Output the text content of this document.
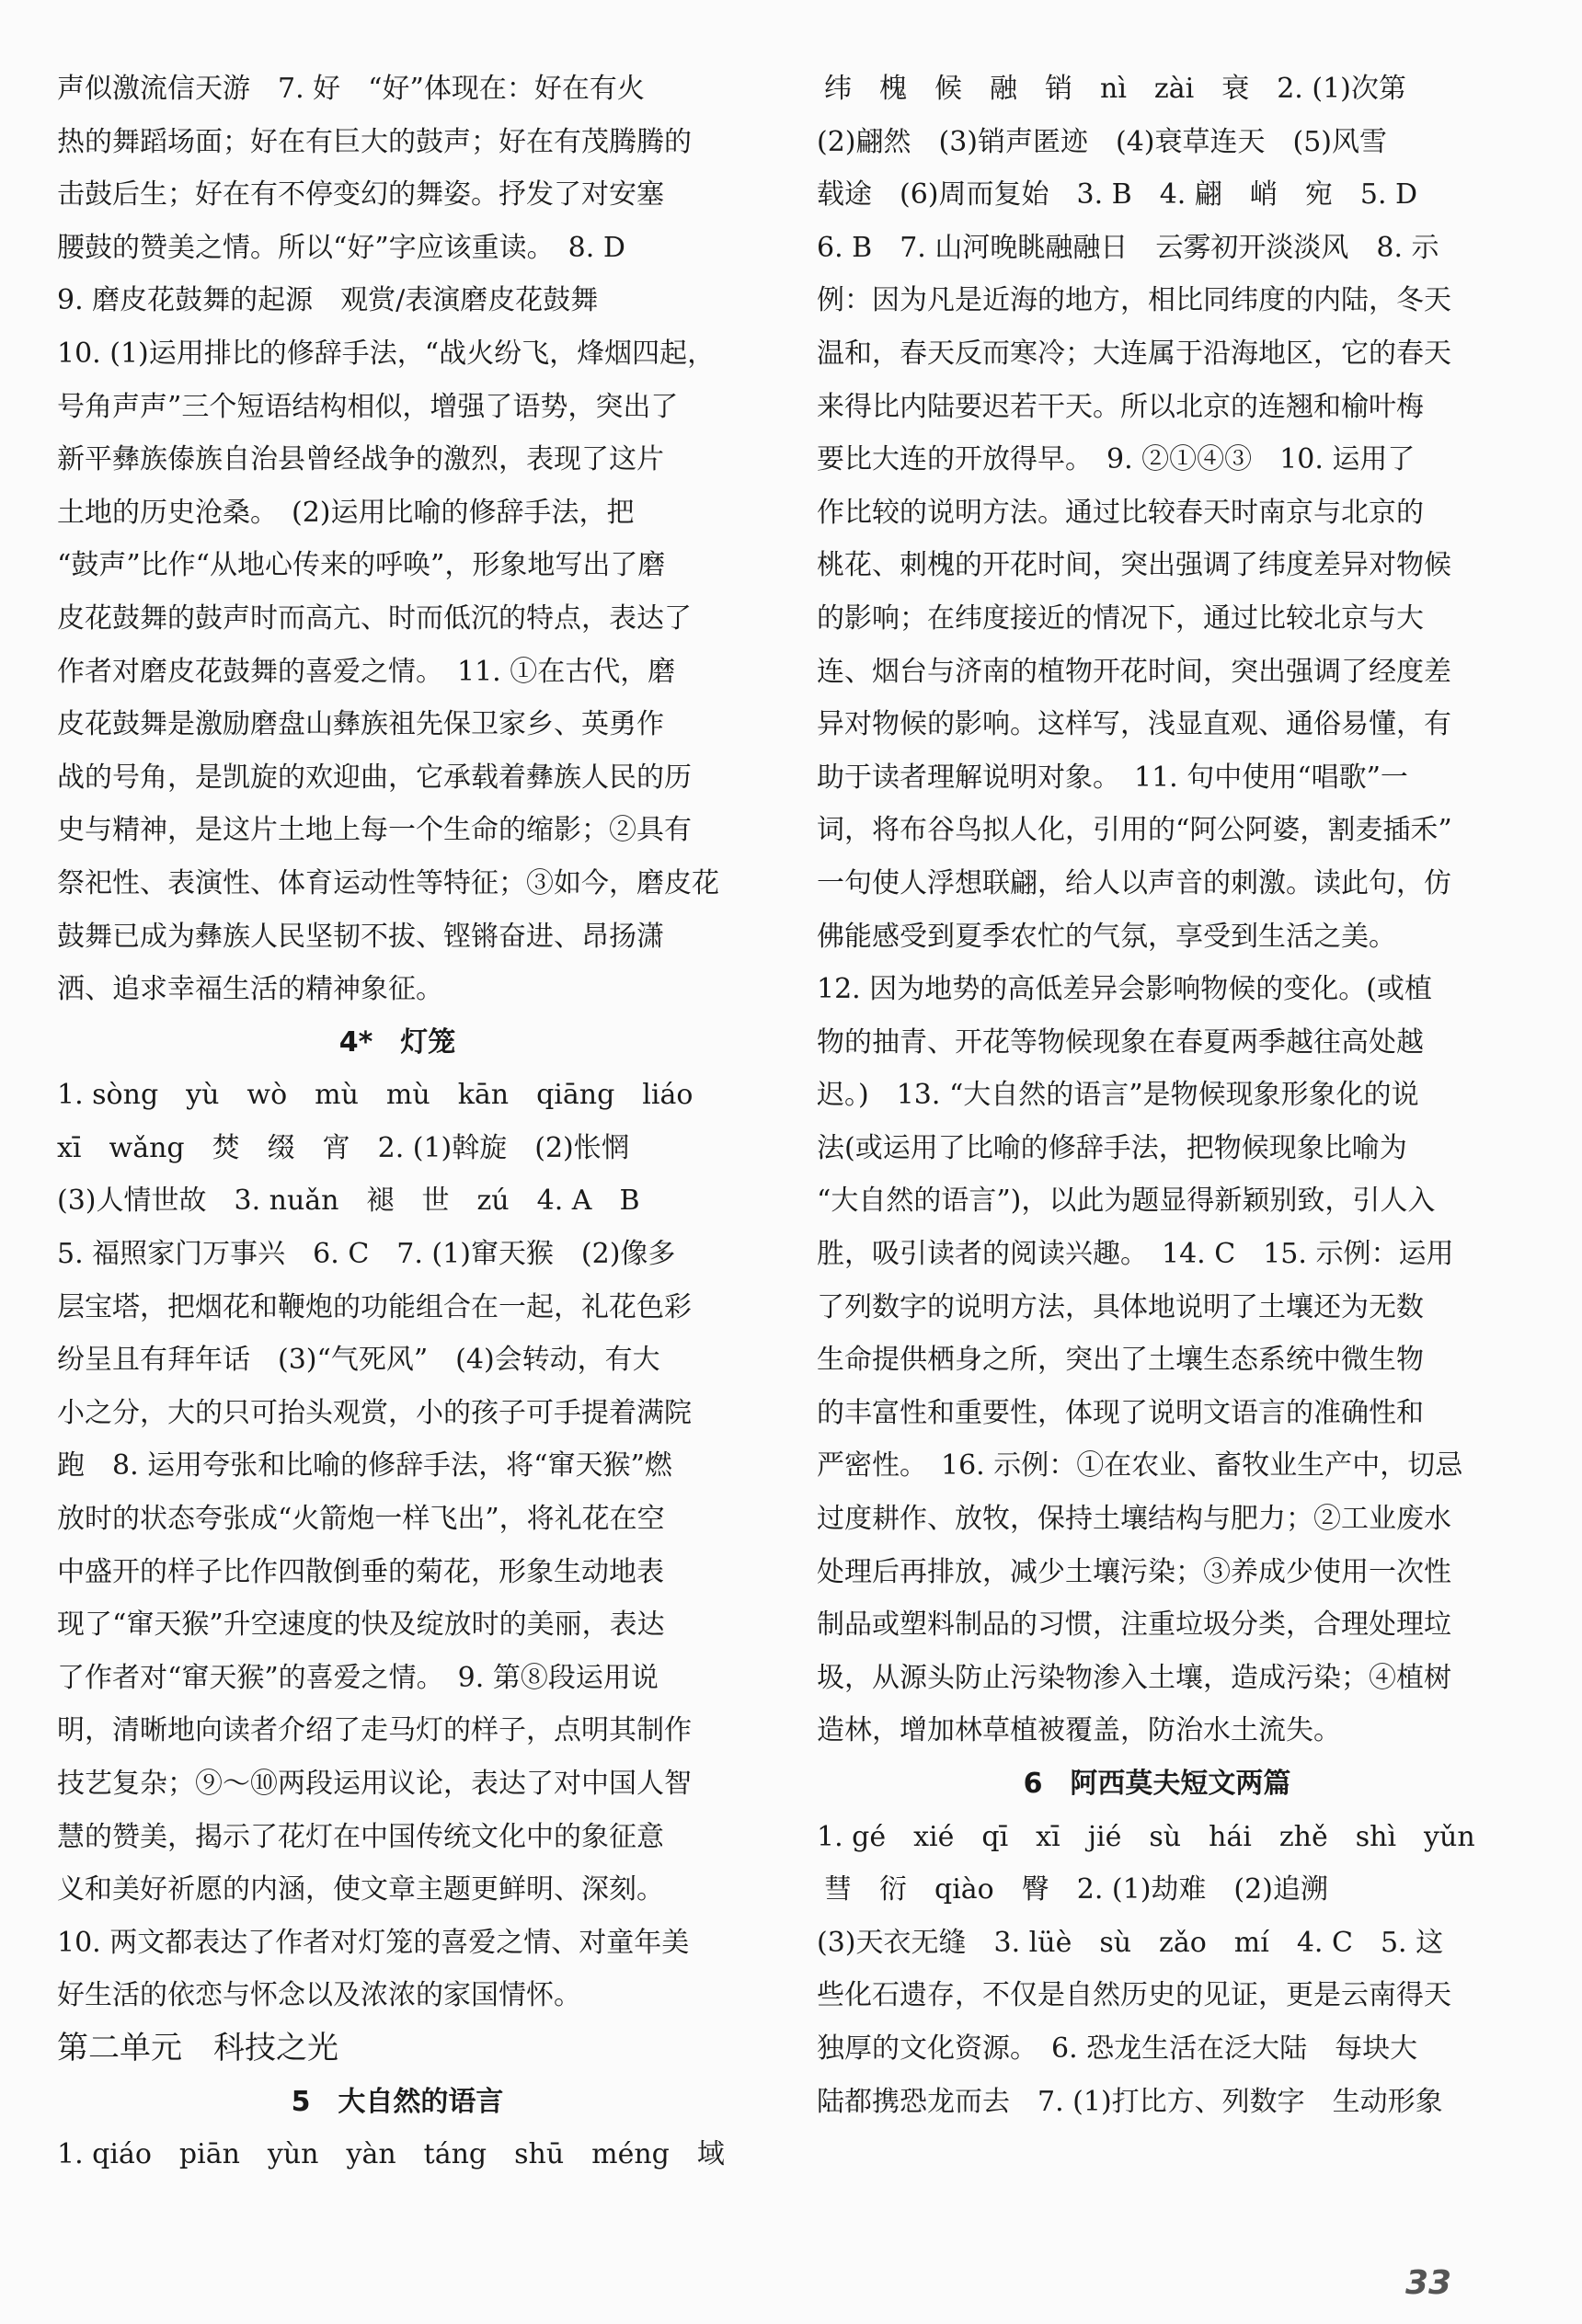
声似激流信天游　7. 好　“好”体现在：好在有火
热的舞蹈场面；好在有巨大的鼓声；好在有茂腾腾的
击鼓后生；好在有不停变幻的舞姿。抒发了对安塞
腰鼓的赞美之情。所以“好”字应该重读。　8. D
9. 磨皮花鼓舞的起源　观赏/表演磨皮花鼓舞
10. (1)运用排比的修辞手法，“战火纷飞，烽烟四起，
号角声声”三个短语结构相似，增强了语势，突出了
新平彝族傣族自治县曾经战争的激烈，表现了这片
土地的历史沧桑。　(2)运用比喻的修辞手法，把
“鼓声”比作“从地心传来的呼唤”，形象地写出了磨
皮花鼓舞的鼓声时而高亢、时而低沉的特点，表达了
作者对磨皮花鼓舞的喜爱之情。　11. ①在古代，磨
皮花鼓舞是激励磨盘山彝族祖先保卫家乡、英勇作
战的号角，是凯旋的欢迎曲，它承载着彝族人民的历
史与精神，是这片土地上每一个生命的缩影；②具有
祭祀性、表演性、体育运动性等特征；③如今，磨皮花
鼓舞已成为彝族人民坚韧不拔、铿锵奋进、昂扬潇
洒、追求幸福生活的精神象征。
4*　灯笼
1. sòng　yù　wò　mù　mù　kān　qiāng　liáo
xī　wǎng　焚　缀　宵　2. (1)斡旋　(2)怅惘
(3)人情世故　3. nuǎn　褪　世　zú　4. A　B
5. 福照家门万事兴　6. C　7. (1)窜天猴　(2)像多
层宝塔，把烟花和鞭炮的功能组合在一起，礼花色彩
纷呈且有拜年话　(3)“气死风”　(4)会转动，有大
小之分，大的只可抬头观赏，小的孩子可手提着满院
跑　8. 运用夸张和比喻的修辞手法，将“窜天猴”燃
放时的状态夸张成“火箭炮一样飞出”，将礼花在空
中盛开的样子比作四散倒垂的菊花，形象生动地表
现了“窜天猴”升空速度的快及绽放时的美丽，表达
了作者对“窜天猴”的喜爱之情。　9. 第⑧段运用说
明，清晰地向读者介绍了走马灯的样子，点明其制作
技艺复杂；⑨～⑩两段运用议论，表达了对中国人智
慧的赞美，揭示了花灯在中国传统文化中的象征意
义和美好祈愿的内涵，使文章主题更鲜明、深刻。
10. 两文都表达了作者对灯笼的喜爱之情、对童年美
好生活的依恋与怀念以及浓浓的家国情怀。
第二单元　科技之光
5　大自然的语言
1. qiáo　piān　yùn　yàn　táng　shū　méng　域
纬　槐　候　融　销　nì　zài　衰　2. (1)次第
(2)翩然　(3)销声匿迹　(4)衰草连天　(5)风雪
载途　(6)周而复始　3. B　4. 翩　峭　宛　5. D
6. B　7. 山河晚眺融融日　云雾初开淡淡风　8. 示
例：因为凡是近海的地方，相比同纬度的内陆，冬天
温和，春天反而寒冷；大连属于沿海地区，它的春天
来得比内陆要迟若干天。所以北京的连翘和榆叶梅
要比大连的开放得早。　9. ②①④③　10. 运用了
作比较的说明方法。通过比较春天时南京与北京的
桃花、刺槐的开花时间，突出强调了纬度差异对物候
的影响；在纬度接近的情况下，通过比较北京与大
连、烟台与济南的植物开花时间，突出强调了经度差
异对物候的影响。这样写，浅显直观、通俗易懂，有
助于读者理解说明对象。　11. 句中使用“唱歌”一
词，将布谷鸟拟人化，引用的“阿公阿婆，割麦插禾”
一句使人浮想联翩，给人以声音的刺激。读此句，仿
佛能感受到夏季农忙的气氛，享受到生活之美。
12. 因为地势的高低差异会影响物候的变化。(或植
物的抽青、开花等物候现象在春夏两季越往高处越
迟。)　13. “大自然的语言”是物候现象形象化的说
法(或运用了比喻的修辞手法，把物候现象比喻为
“大自然的语言”)，以此为题显得新颖别致，引人入
胜，吸引读者的阅读兴趣。　14. C　15. 示例：运用
了列数字的说明方法，具体地说明了土壤还为无数
生命提供栖身之所，突出了土壤生态系统中微生物
的丰富性和重要性，体现了说明文语言的准确性和
严密性。　16. 示例：①在农业、畜牧业生产中，切忌
过度耕作、放牧，保持土壤结构与肥力；②工业废水
处理后再排放，减少土壤污染；③养成少使用一次性
制品或塑料制品的习惯，注重垃圾分类，合理处理垃
圾，从源头防止污染物渗入土壤，造成污染；④植树
造林，增加林草植被覆盖，防治水土流失。
6　阿西莫夫短文两篇
1. gé　xié　qī　xī　jié　sù　hái　zhě　shì　yǔn
彗　衍　qiào　臀　2. (1)劫难　(2)追溯
(3)天衣无缝　3. lüè　sù　zǎo　mí　4. C　5. 这
些化石遗存，不仅是自然历史的见证，更是云南得天
独厚的文化资源。　6. 恐龙生活在泛大陆　每块大
陆都携恐龙而去　7. (1)打比方、列数字　生动形象
33
